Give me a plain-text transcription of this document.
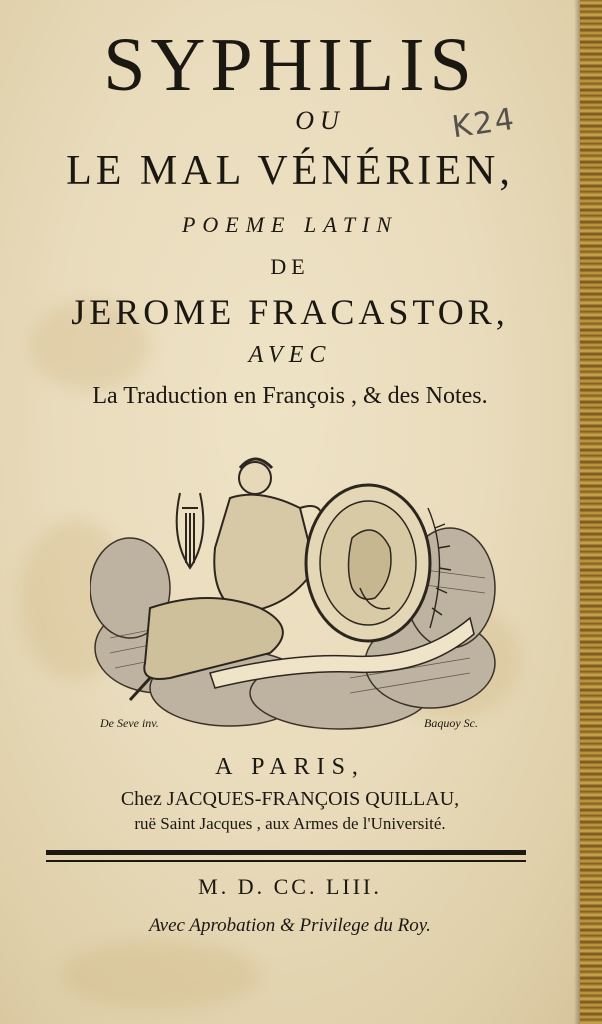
SYPHILIS
OU	K24
LE MAL VÉNÉRIEN,
POEME LATIN
DE
JEROME FRACASTOR,
AVEC
La Traduction en François , & des Notes.
De Seve inv.	Baquoy Sc.
A PARIS,
Chez JACQUES-FRANÇOIS QUILLAU,
ruë Saint Jacques , aux Armes de l'Université.
M. D. CC. LIII.
Avec Aprobation & Privilege du Roy.
